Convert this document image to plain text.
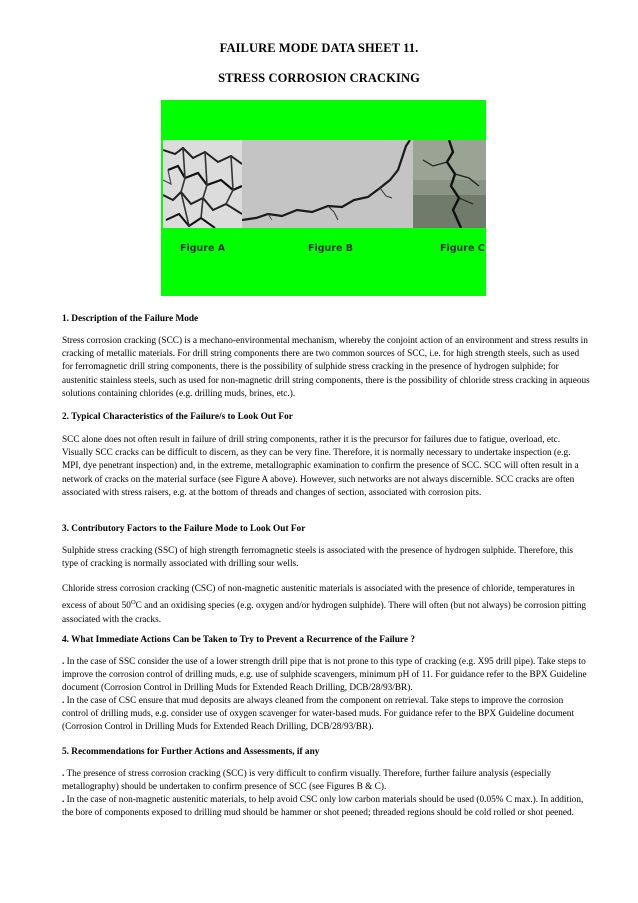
FAILURE MODE DATA SHEET 11.
STRESS CORROSION CRACKING
Figure A	Figure B	Figure C

1. Description of the Failure Mode

Stress corrosion cracking (SCC) is a mechano-environmental mechanism, whereby the conjoint action of an environment and stress results in cracking of metallic materials. For drill string components there are two common sources of SCC, i.e. for high strength steels, such as used for ferromagnetic drill string components, there is the possibility of sulphide stress cracking in the presence of hydrogen sulphide; for austenitic stainless steels, such as used for non-magnetic drill string components, there is the possibility of chloride stress cracking in aqueous solutions containing chlorides (e.g. drilling muds, brines, etc.).

2. Typical Characteristics of the Failure/s to Look Out For

SCC alone does not often result in failure of drill string components, rather it is the precursor for failures due to fatigue, overload, etc. Visually SCC cracks can be difficult to discern, as they can be very fine. Therefore, it is normally necessary to undertake inspection (e.g. MPI, dye penetrant inspection) and, in the extreme, metallographic examination to confirm the presence of SCC. SCC will often result in a network of cracks on the material surface (see Figure A above). However, such networks are not always discernible. SCC cracks are often associated with stress raisers, e.g. at the bottom of threads and changes of section, associated with corrosion pits.

3. Contributory Factors to the Failure Mode to Look Out For

Sulphide stress cracking (SSC) of high strength ferromagnetic steels is associated with the presence of hydrogen sulphide. Therefore, this type of cracking is normally associated with drilling sour wells.

Chloride stress corrosion cracking (CSC) of non-magnetic austenitic materials is associated with the presence of chloride, temperatures in excess of about $50^OC$ and an oxidising species (e.g. oxygen and/or hydrogen sulphide). There will often (but not always) be corrosion pitting associated with the cracks.

4. What Immediate Actions Can be Taken to Try to Prevent a Recurrence of the Failure ?

. In the case of SSC consider the use of a lower strength drill pipe that is not prone to this type of cracking (e.g. X95 drill pipe). Take steps to improve the corrosion control of drilling muds, e.g. use of sulphide scavengers, minimum pH of 11. For guidance refer to the BPX Guideline document (Corrosion Control in Drilling Muds for Extended Reach Drilling, DCB/28/93/BR).

. In the case of CSC ensure that mud deposits are always cleaned from the component on retrieval. Take steps to improve the corrosion control of drilling muds, e.g. consider use of oxygen scavenger for water-based muds. For guidance refer to the BPX Guideline document (Corrosion Control in Drilling Muds for Extended Reach Drilling, DCB/28/93/BR).

5. Recommendations for Further Actions and Assessments, if any

. The presence of stress corrosion cracking (SCC) is very difficult to confirm visually. Therefore, further failure analysis (especially metallography) should be undertaken to confirm presence of SCC (see Figures B & C).

. In the case of non-magnetic austenitic materials, to help avoid CSC only low carbon materials should be used (0.05% C max.). In addition, the bore of components exposed to drilling mud should be hammer or shot peened; threaded regions should be cold rolled or shot peened.
